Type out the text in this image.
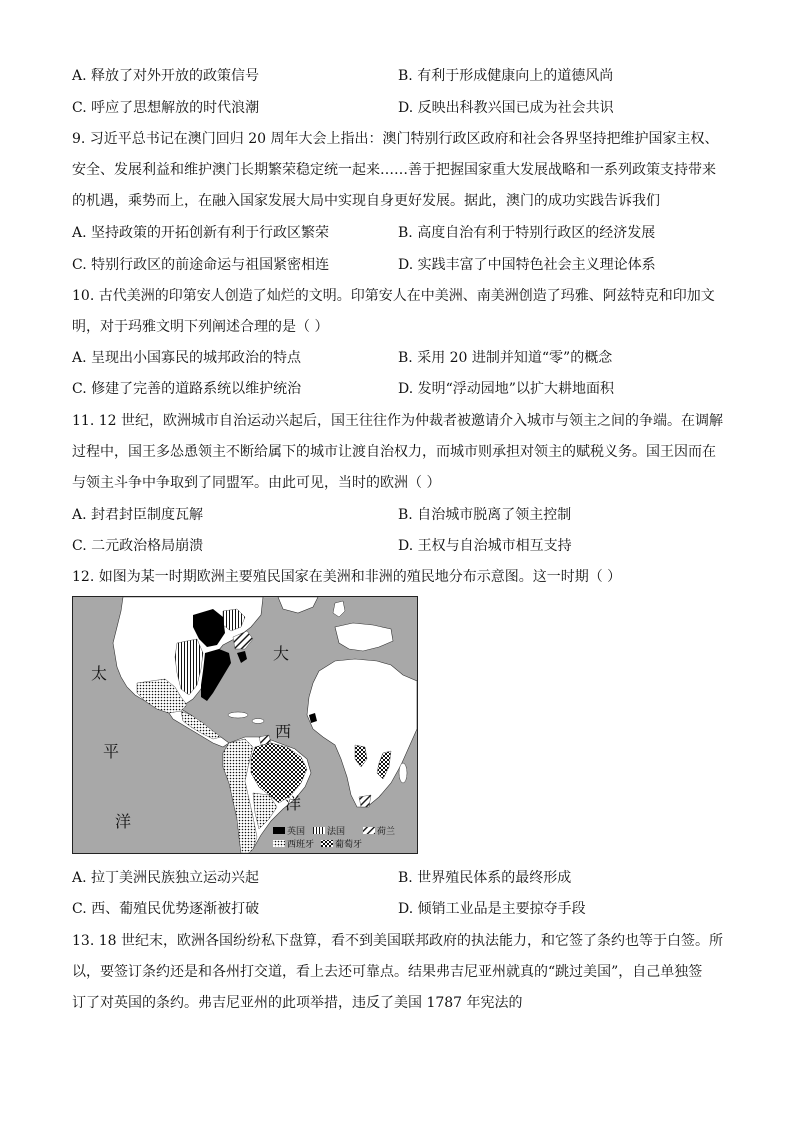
A. 释放了对外开放的政策信号	B. 有利于形成健康向上的道德风尚
C. 呼应了思想解放的时代浪潮	D. 反映出科教兴国已成为社会共识
9. 习近平总书记在澳门回归 20 周年大会上指出：澳门特别行政区政府和社会各界坚持把维护国家主权、
安全、发展利益和维护澳门长期繁荣稳定统一起来……善于把握国家重大发展战略和一系列政策支持带来
的机遇，乘势而上，在融入国家发展大局中实现自身更好发展。据此，澳门的成功实践告诉我们
A. 坚持政策的开拓创新有利于行政区繁荣	B. 高度自治有利于特别行政区的经济发展
C. 特别行政区的前途命运与祖国紧密相连	D. 实践丰富了中国特色社会主义理论体系
10. 古代美洲的印第安人创造了灿烂的文明。印第安人在中美洲、南美洲创造了玛雅、阿兹特克和印加文
明，对于玛雅文明下列阐述合理的是（ ）
A. 呈现出小国寡民的城邦政治的特点	B. 采用 20 进制并知道“零”的概念
C. 修建了完善的道路系统以维护统治	D. 发明“浮动园地”以扩大耕地面积
11. 12 世纪，欧洲城市自治运动兴起后，国王往往作为仲裁者被邀请介入城市与领主之间的争端。在调解
过程中，国王多怂恿领主不断给属下的城市让渡自治权力，而城市则承担对领主的赋税义务。国王因而在
与领主斗争中争取到了同盟军。由此可见，当时的欧洲（ ）
A. 封君封臣制度瓦解	B. 自治城市脱离了领主控制
C. 二元政治格局崩溃	D. 王权与自治城市相互支持
12. 如图为某一时期欧洲主要殖民国家在美洲和非洲的殖民地分布示意图。这一时期（ ）
太
平
洋
大
西
洋
英国 法国	荷兰
西班牙 葡萄牙
A. 拉丁美洲民族独立运动兴起	B. 世界殖民体系的最终形成
C. 西、葡殖民优势逐渐被打破	D. 倾销工业品是主要掠夺手段
13. 18 世纪末，欧洲各国纷纷私下盘算，看不到美国联邦政府的执法能力，和它签了条约也等于白签。所
以，要签订条约还是和各州打交道，看上去还可靠点。结果弗吉尼亚州就真的“跳过美国”，自己单独签
订了对英国的条约。弗吉尼亚州的此项举措，违反了美国 1787 年宪法的
